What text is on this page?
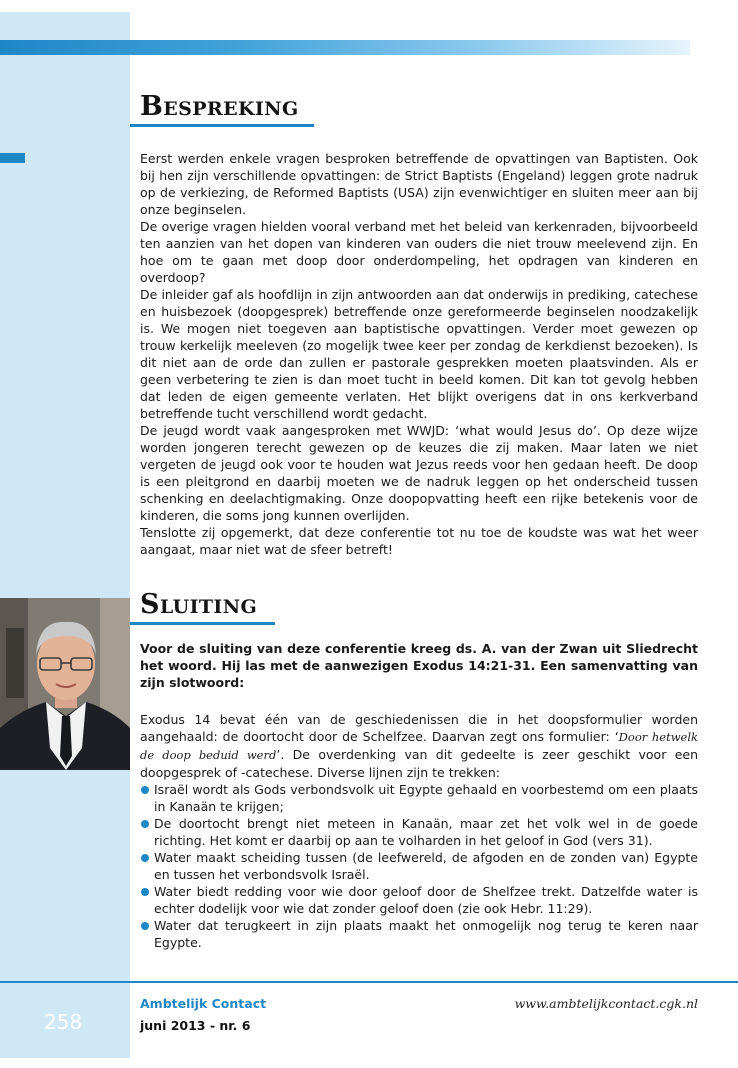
Bespreking

Eerst werden enkele vragen besproken betreffende de opvattingen van Baptisten. Ook bij hen zijn verschillende opvattingen: de Strict Baptists (Engeland) leggen grote nadruk op de verkiezing, de Reformed Baptists (USA) zijn evenwichtiger en sluiten meer aan bij onze beginselen.

De overige vragen hielden vooral verband met het beleid van kerkenraden, bijvoorbeeld ten aanzien van het dopen van kinderen van ouders die niet trouw meelevend zijn. En hoe om te gaan met doop door onderdompeling, het opdragen van kinderen en overdoop?

De inleider gaf als hoofdlijn in zijn antwoorden aan dat onderwijs in prediking, catechese en huisbezoek (doopgesprek) betreffende onze gereformeerde beginselen noodzakelijk is. We mogen niet toegeven aan baptistische opvattingen. Verder moet gewezen op trouw kerkelijk meeleven (zo mogelijk twee keer per zondag de kerkdienst bezoeken). Is dit niet aan de orde dan zullen er pastorale gesprekken moeten plaatsvinden. Als er geen verbetering te zien is dan moet tucht in beeld komen. Dit kan tot gevolg hebben dat leden de eigen gemeente verlaten. Het blijkt overigens dat in ons kerkverband betreffende tucht verschillend wordt gedacht.

De jeugd wordt vaak aangesproken met WWJD: ‘what would Jesus do’. Op deze wijze worden jongeren terecht gewezen op de keuzes die zij maken. Maar laten we niet vergeten de jeugd ook voor te houden wat Jezus reeds voor hen gedaan heeft. De doop is een pleitgrond en daarbij moeten we de nadruk leggen op het onderscheid tussen schenking en deelachtigmaking. Onze doopopvatting heeft een rijke betekenis voor de kinderen, die soms jong kunnen overlijden.

Tenslotte zij opgemerkt, dat deze conferentie tot nu toe de koudste was wat het weer aangaat, maar niet wat de sfeer betreft!

Sluiting
Voor de sluiting van deze conferentie kreeg ds. A. van der Zwan uit Sliedrecht het woord. Hij las met de aanwezigen Exodus 14:21-31. Een samenvatting van zijn slotwoord:

Exodus 14 bevat één van de geschiedenissen die in het doopsformulier worden aangehaald: de doortocht door de Schelfzee. Daarvan zegt ons formulier: ‘Door hetwelk de doop beduid werd’. De overdenking van dit gedeelte is zeer geschikt voor een doopgesprek of -catechese. Diverse lijnen zijn te trekken:

Israël wordt als Gods verbondsvolk uit Egypte gehaald en voorbestemd om een plaats in Kanaän te krijgen;
De doortocht brengt niet meteen in Kanaän, maar zet het volk wel in de goede richting. Het komt er daarbij op aan te volharden in het geloof in God (vers 31).
Water maakt scheiding tussen (de leefwereld, de afgoden en de zonden van) Egypte en tussen het verbondsvolk Israël.
Water biedt redding voor wie door geloof door de Shelfzee trekt. Datzelfde water is echter dodelijk voor wie dat zonder geloof doen (zie ook Hebr. 11:29).
Water dat terugkeert in zijn plaats maakt het onmogelijk nog terug te keren naar Egypte.
Ambtelijk Contact
juni 2013 - nr. 6
www.ambtelijkcontact.cgk.nl
258
